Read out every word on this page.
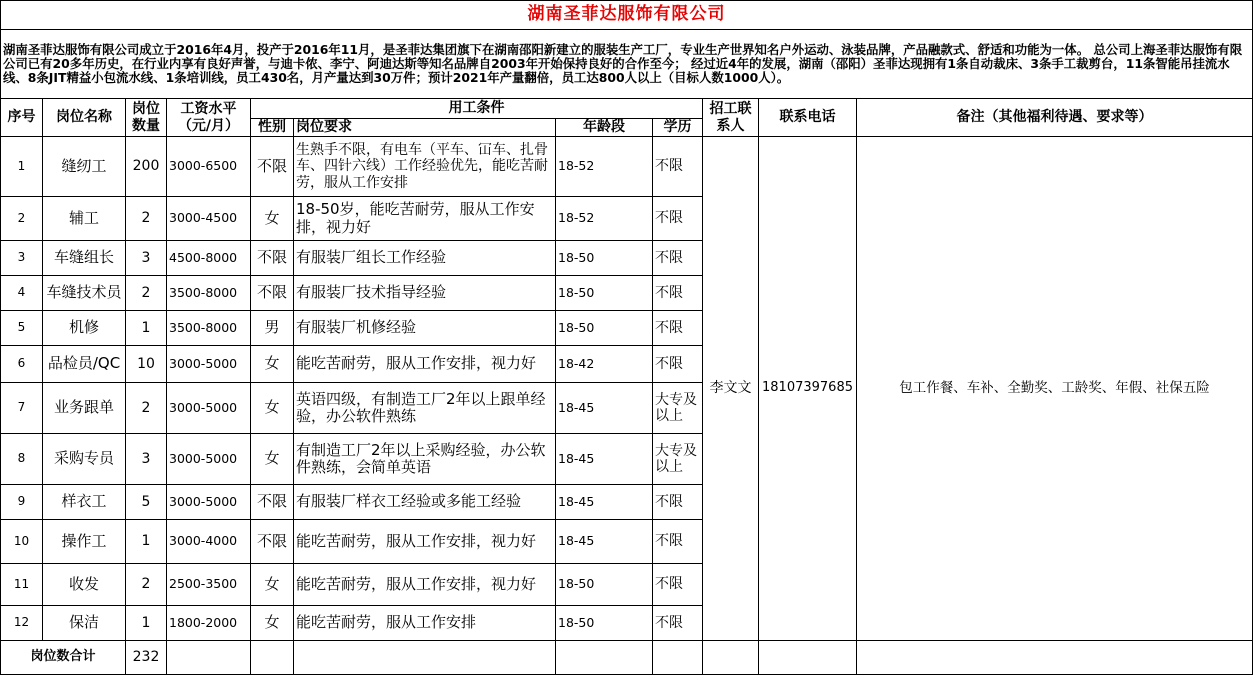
湖南圣菲达服饰有限公司										
湖南圣菲达服饰有限公司成立于2016年4月，投产于2016年11月，是圣菲达集团旗下在湖南邵阳新建立的服装生产工厂，专业生产世界知名户外运动、泳装品牌，产品融款式、舒适和功能为一体。 总公司上海圣菲达服饰有限公司已有20多年历史，在行业内享有良好声誉，与迪卡侬、李宁、阿迪达斯等知名品牌自2003年开始保持良好的合作至今； 经过近4年的发展，湖南（邵阳）圣菲达现拥有1条自动裁床、3条手工裁剪台，11条智能吊挂流水线、8条JIT精益小包流水线、1条培训线，员工430名，月产量达到30万件；预计2021年产量翻倍，员工达800人以上（目标人数1000人）。										
序号	岗位名称	岗位数量	工资水平（元/月）	用工条件				招工联系人	联系电话	备注（其他福利待遇、要求等）
				性别	岗位要求	年龄段	学历			
1	缝纫工	200	3000-6500	不限	生熟手不限，有电车（平车、冚车、扎骨车、四针六线）工作经验优先，能吃苦耐劳，服从工作安排	18-52	不限	李文文	18107397685	包工作餐、车补、全勤奖、工龄奖、年假、社保五险
2	辅工	2	3000-4500	女	18-50岁，能吃苦耐劳，服从工作安排，视力好	18-52	不限			
3	车缝组长	3	4500-8000	不限	有服装厂组长工作经验	18-50	不限			
4	车缝技术员	2	3500-8000	不限	有服装厂技术指导经验	18-50	不限			
5	机修	1	3500-8000	男	有服装厂机修经验	18-50	不限			
6	品检员/QC	10	3000-5000	女	能吃苦耐劳，服从工作安排，视力好	18-42	不限			
7	业务跟单	2	3000-5000	女	英语四级，有制造工厂2年以上跟单经验，办公软件熟练	18-45	大专及以上			
8	采购专员	3	3000-5000	女	有制造工厂2年以上采购经验，办公软件熟练，会简单英语	18-45	大专及以上			
9	样衣工	5	3000-5000	不限	有服装厂样衣工经验或多能工经验	18-45	不限			
10	操作工	1	3000-4000	不限	能吃苦耐劳，服从工作安排，视力好	18-45	不限			
11	收发	2	2500-3500	女	能吃苦耐劳，服从工作安排，视力好	18-50	不限			
12	保洁	1	1800-2000	女	能吃苦耐劳，服从工作安排	18-50	不限			
岗位数合计		232								
